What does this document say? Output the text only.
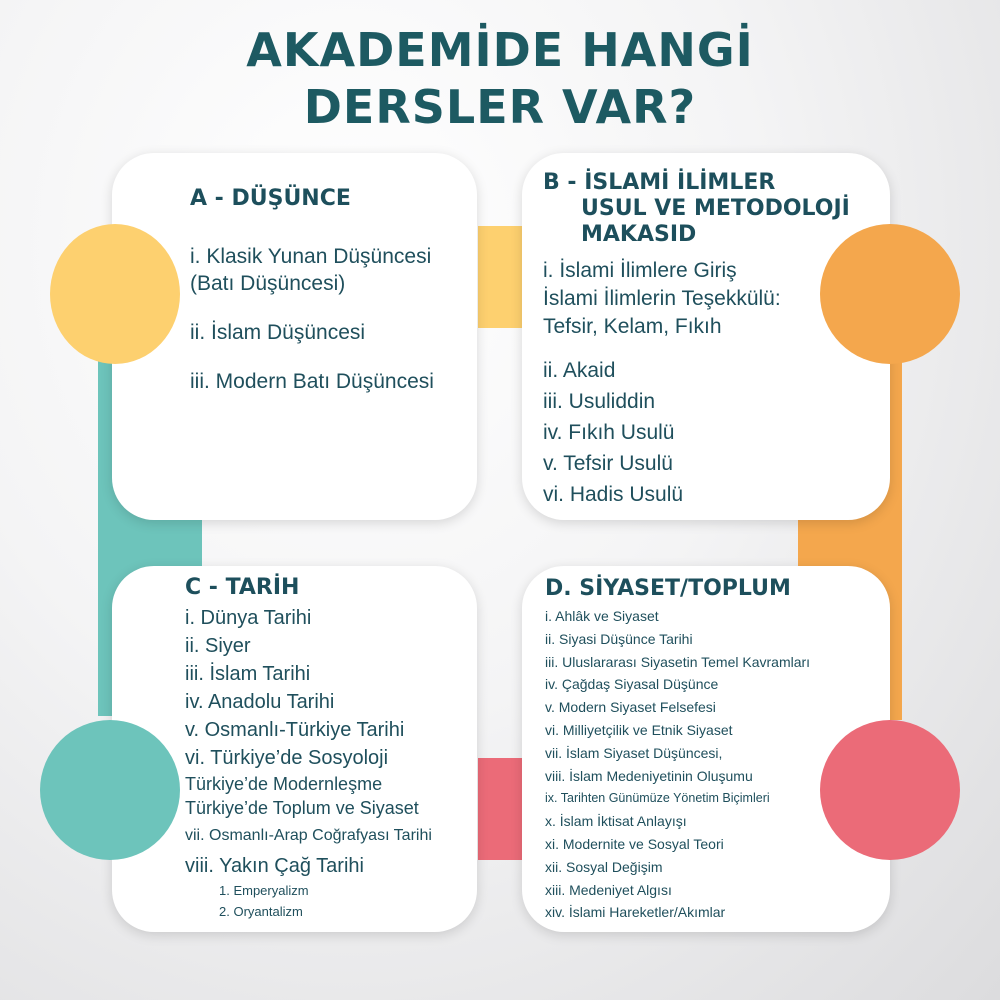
AKADEMİDE HANGİ
DERSLER VAR?
A - DÜŞÜNCE
i. Klasik Yunan Düşüncesi
(Batı Düşüncesi)
ii. İslam Düşüncesi
iii. Modern Batı Düşüncesi
B - İSLAMİ İLİMLER
USUL VE METODOLOJİ
MAKASID
i. İslami İlimlere Giriş
İslami İlimlerin Teşekkülü:
Tefsir, Kelam, Fıkıh
ii. Akaid
iii. Usuliddin
iv. Fıkıh Usulü
v. Tefsir Usulü
vi. Hadis Usulü
C - TARİH
i. Dünya Tarihi
ii. Siyer
iii. İslam Tarihi
iv. Anadolu Tarihi
v. Osmanlı-Türkiye Tarihi
vi. Türkiye’de Sosyoloji
Türkiye’de Modernleşme
Türkiye’de Toplum ve Siyaset
vii. Osmanlı-Arap Coğrafyası Tarihi
viii. Yakın Çağ Tarihi
1. Emperyalizm
2. Oryantalizm
D. SİYASET/TOPLUM
i. Ahlâk ve Siyaset
ii. Siyasi Düşünce Tarihi
iii. Uluslararası Siyasetin Temel Kavramları
iv. Çağdaş Siyasal Düşünce
v. Modern Siyaset Felsefesi
vi. Milliyetçilik ve Etnik Siyaset
vii. İslam Siyaset Düşüncesi,
viii. İslam Medeniyetinin Oluşumu
ix. Tarihten Günümüze Yönetim Biçimleri
x. İslam İktisat Anlayışı
xi. Modernite ve Sosyal Teori
xii. Sosyal Değişim
xiii. Medeniyet Algısı
xiv. İslami Hareketler/Akımlar
